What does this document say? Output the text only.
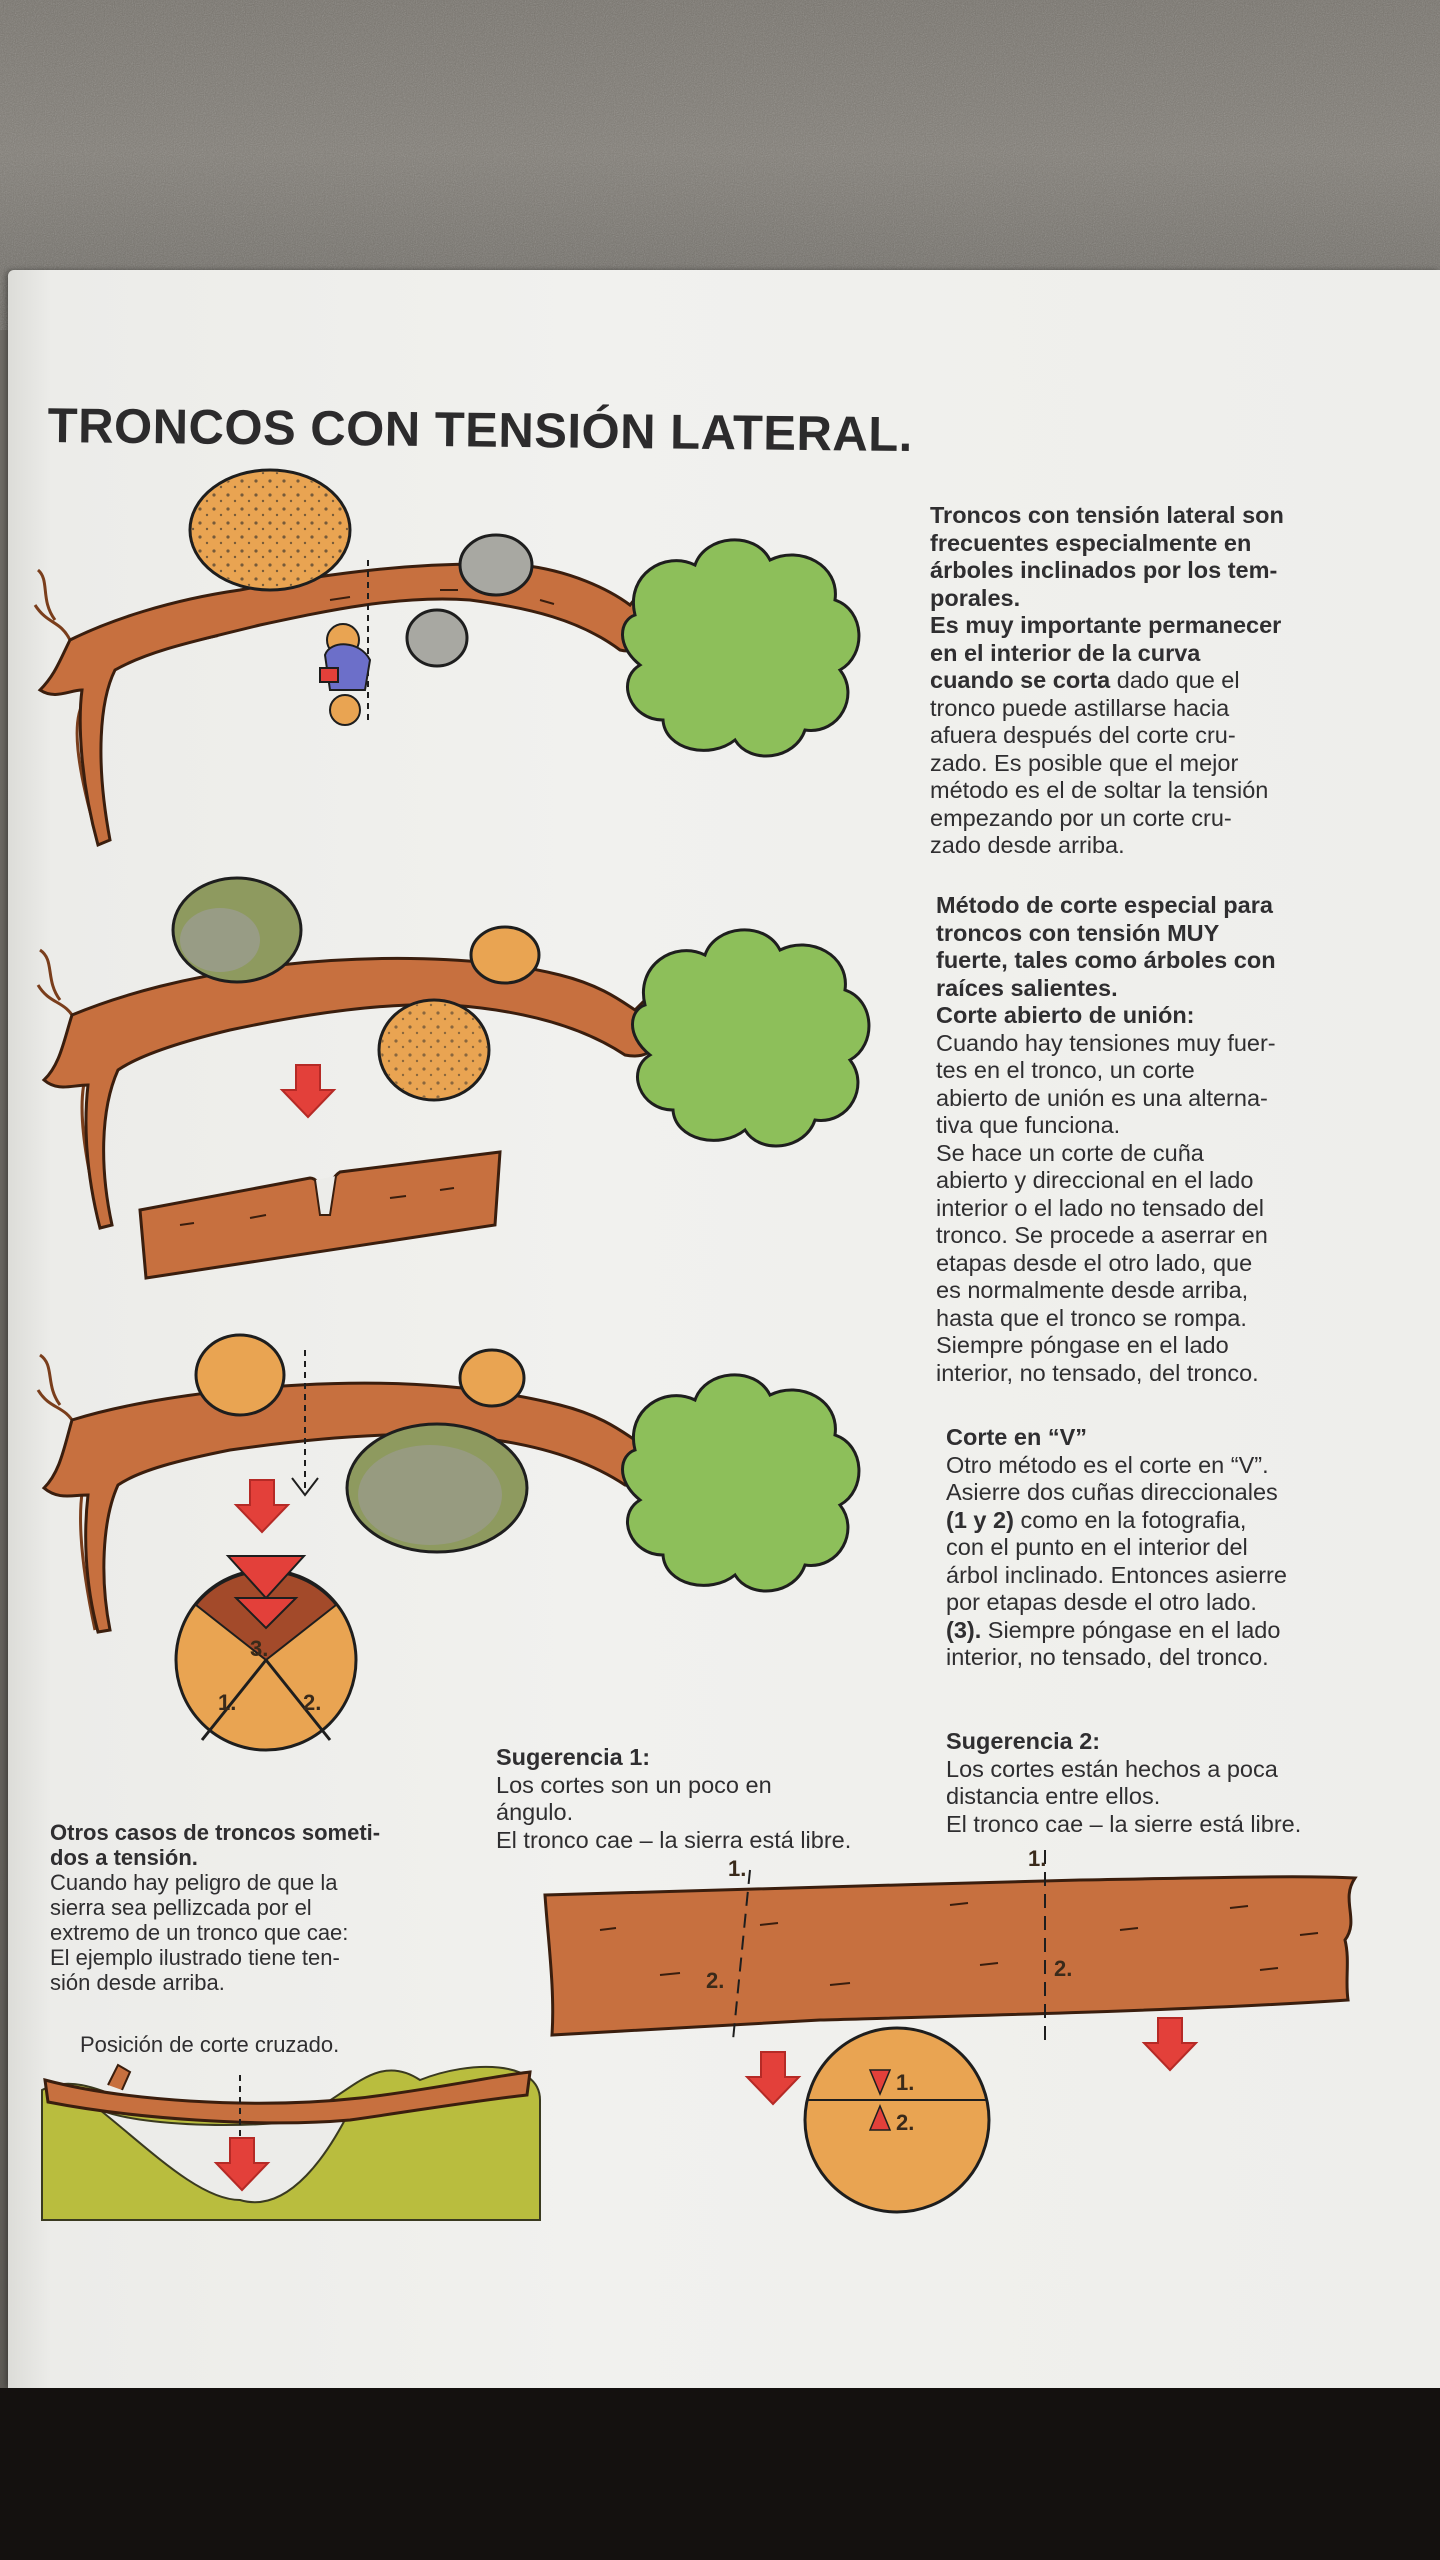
TRONCOS CON TENSIÓN LATERAL.
Troncos con tensión lateral son
frecuentes especialmente en
árboles inclinados por los tem-
porales.
Es muy importante permanecer
en el interior de la curva
cuando se corta dado que el
tronco puede astillarse hacia
afuera después del corte cru-
zado. Es posible que el mejor
método es el de soltar la tensión
empezando por un corte cru-
zado desde arriba.
Método de corte especial para
troncos con tensión MUY
fuerte, tales como árboles con
raíces salientes.
Corte abierto de unión:
Cuando hay tensiones muy fuer-
tes en el tronco, un corte
abierto de unión es una alterna-
tiva que funciona.
Se hace un corte de cuña
abierto y direccional en el lado
interior o el lado no tensado del
tronco. Se procede a aserrar en
etapas desde el otro lado, que
es normalmente desde arriba,
hasta que el tronco se rompa.
Siempre póngase en el lado
interior, no tensado, del tronco.
Corte en “V”
Otro método es el corte en “V”.
Asierre dos cuñas direccionales
(1 y 2) como en la fotografia,
con el punto en el interior del
árbol inclinado. Entonces asierre
por etapas desde el otro lado.
(3). Siempre póngase en el lado
interior, no tensado, del tronco.
Sugerencia 1:
Los cortes son un poco en
ángulo.
El tronco cae – la sierra está libre.
Sugerencia 2:
Los cortes están hechos a poca
distancia entre ellos.
El tronco cae – la sierre está libre.
Otros casos de troncos someti-
dos a tensión.
Cuando hay peligro de que la
sierra sea pellizcada por el
extremo de un tronco que cae:
El ejemplo ilustrado tiene ten-
sión desde arriba.
Posición de corte cruzado.
3.
1.	2.
1.
2.
1.
2.
1.
2.
